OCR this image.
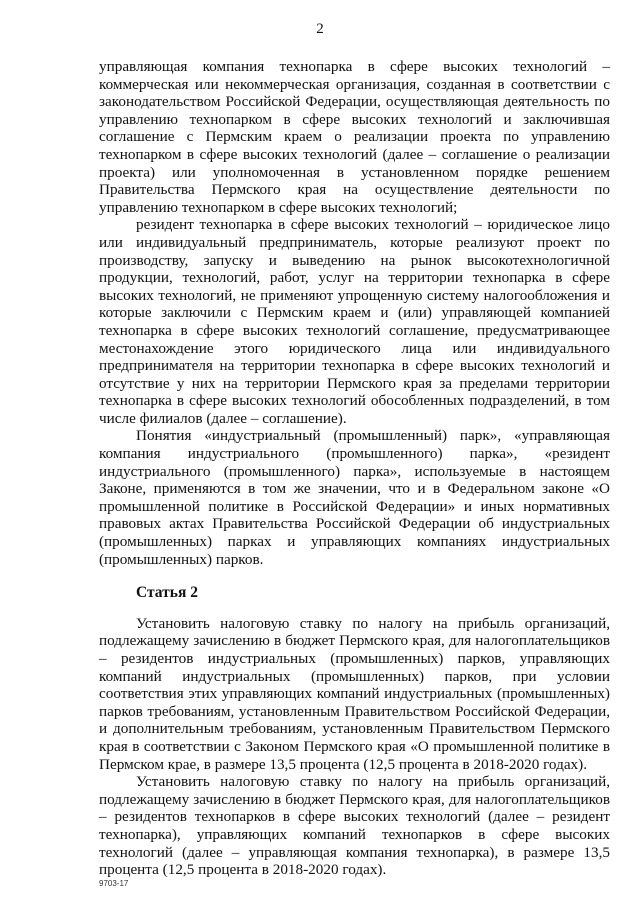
2

управляющая компания технопарка в сфере высоких технологий – коммерческая или некоммерческая организация, созданная в соответствии с законодательством Российской Федерации, осуществляющая деятельность по управлению технопарком в сфере высоких технологий и заключившая соглашение с Пермским краем о реализации проекта по управлению технопарком в сфере высоких технологий (далее – соглашение о реализации проекта) или уполномоченная в установленном порядке решением Правительства Пермского края на осуществление деятельности по управлению технопарком в сфере высоких технологий;

резидент технопарка в сфере высоких технологий – юридическое лицо или индивидуальный предприниматель, которые реализуют проект по производству, запуску и выведению на рынок высокотехнологичной продукции, технологий, работ, услуг на территории технопарка в сфере высоких технологий, не применяют упрощенную систему налогообложения и которые заключили с Пермским краем и (или) управляющей компанией технопарка в сфере высоких технологий соглашение, предусматривающее местонахождение этого юридического лица или индивидуального предпринимателя на территории технопарка в сфере высоких технологий и отсутствие у них на территории Пермского края за пределами территории технопарка в сфере высоких технологий обособленных подразделений, в том числе филиалов (далее – соглашение).

Понятия «индустриальный (промышленный) парк», «управляющая компания индустриального (промышленного) парка», «резидент индустриального (промышленного) парка», используемые в настоящем Законе, применяются в том же значении, что и в Федеральном законе «О промышленной политике в Российской Федерации» и иных нормативных правовых актах Правительства Российской Федерации об индустриальных (промышленных) парках и управляющих компаниях индустриальных (промышленных) парков.

Статья 2

Установить налоговую ставку по налогу на прибыль организаций, подлежащему зачислению в бюджет Пермского края, для налогоплательщиков – резидентов индустриальных (промышленных) парков, управляющих компаний индустриальных (промышленных) парков, при условии соответствия этих управляющих компаний индустриальных (промышленных) парков требованиям, установленным Правительством Российской Федерации, и дополнительным требованиям, установленным Правительством Пермского края в соответствии с Законом Пермского края «О промышленной политике в Пермском крае, в размере 13,5 процента (12,5 процента в 2018-2020 годах).

Установить налоговую ставку по налогу на прибыль организаций, подлежащему зачислению в бюджет Пермского края, для налогоплательщиков – резидентов технопарков в сфере высоких технологий (далее – резидент технопарка), управляющих компаний технопарков в сфере высоких технологий (далее – управляющая компания технопарка), в размере 13,5 процента (12,5 процента в 2018-2020 годах).

9703-17
